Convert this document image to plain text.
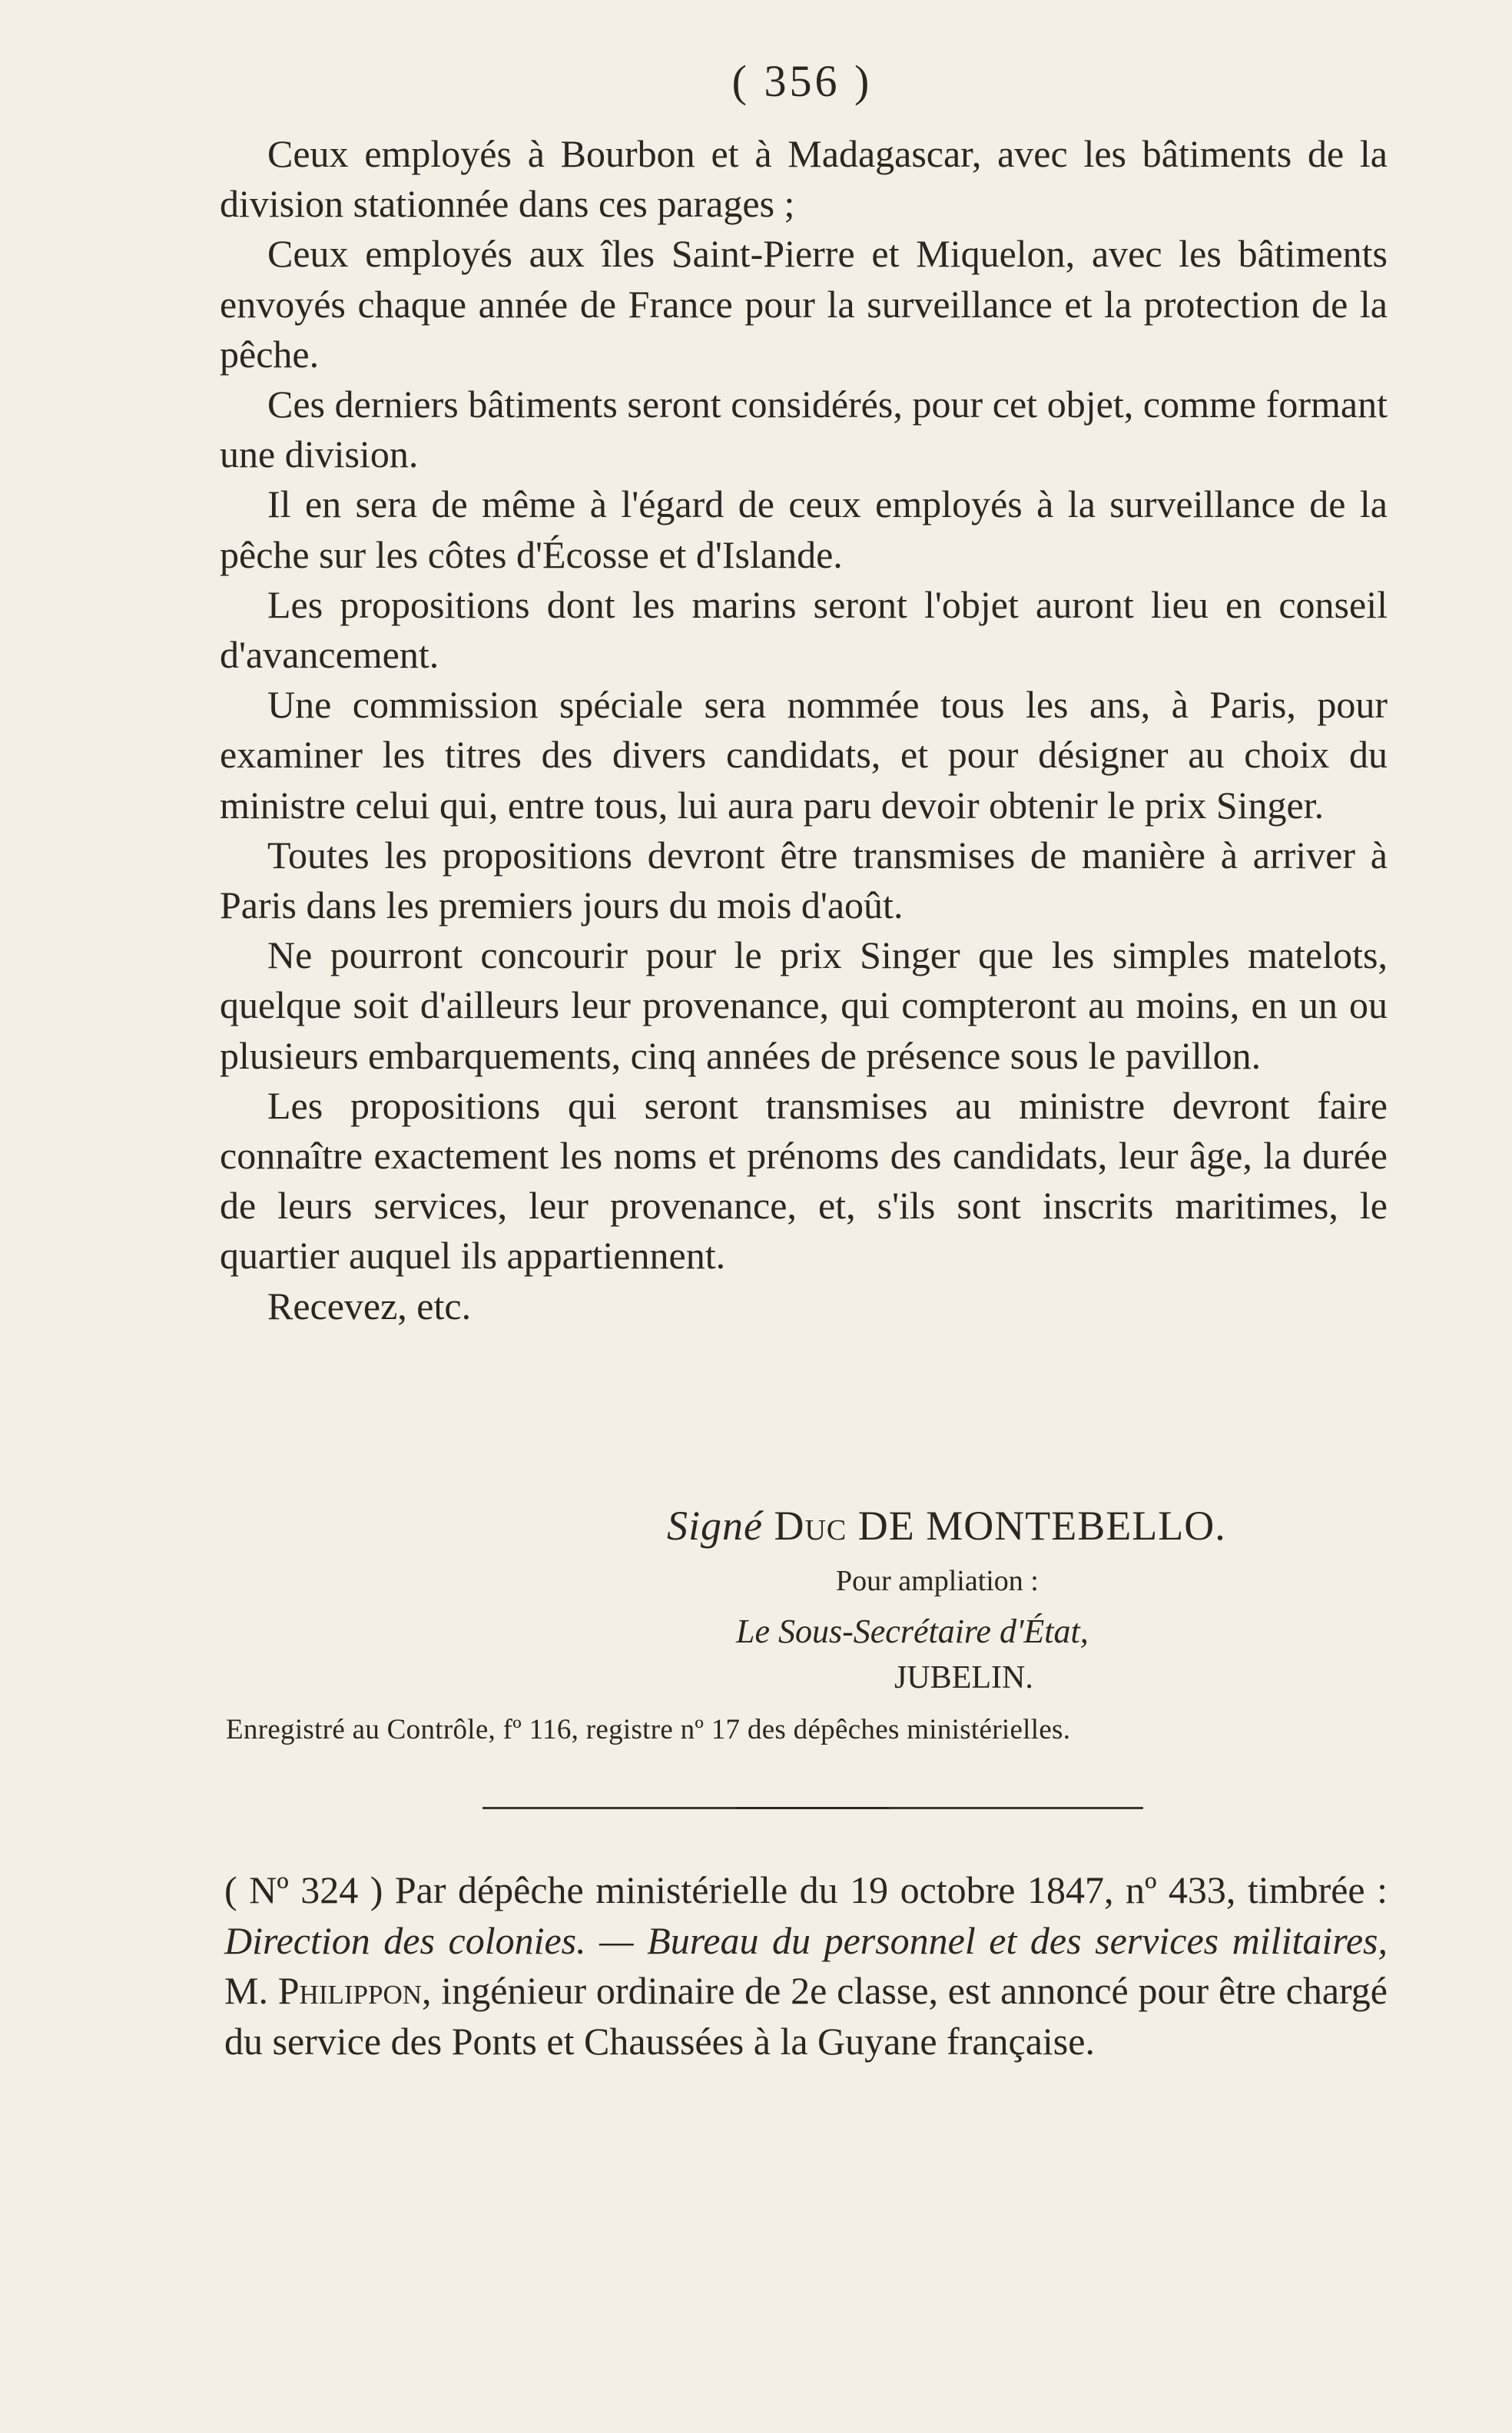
( 356 )

Ceux employés à Bourbon et à Madagascar, avec les bâtiments de la division stationnée dans ces parages ;

Ceux employés aux îles Saint-Pierre et Miquelon, avec les bâtiments envoyés chaque année de France pour la surveillance et la protection de la pêche.

Ces derniers bâtiments seront considérés, pour cet objet, comme formant une division.

Il en sera de même à l'égard de ceux employés à la surveillance de la pêche sur les côtes d'Écosse et d'Islande.

Les propositions dont les marins seront l'objet auront lieu en conseil d'avancement.

Une commission spéciale sera nommée tous les ans, à Paris, pour examiner les titres des divers candidats, et pour désigner au choix du ministre celui qui, entre tous, lui aura paru devoir obtenir le prix Singer.

Toutes les propositions devront être transmises de manière à arriver à Paris dans les premiers jours du mois d'août.

Ne pourront concourir pour le prix Singer que les simples matelots, quelque soit d'ailleurs leur provenance, qui compteront au moins, en un ou plusieurs embarquements, cinq années de présence sous le pavillon.

Les propositions qui seront transmises au ministre devront faire connaître exactement les noms et prénoms des candidats, leur âge, la durée de leurs services, leur provenance, et, s'ils sont inscrits maritimes, le quartier auquel ils appartiennent.

Recevez, etc.

Signé Duc DE MONTEBELLO.
Pour ampliation :
Le Sous-Secrétaire d'État,
JUBELIN.
Enregistré au Contrôle, fº 116, registre nº 17 des dépêches ministérielles.

( Nº 324 ) Par dépêche ministérielle du 19 octobre 1847, nº 433, timbrée : Direction des colonies. — Bureau du personnel et des services militaires, M. Philippon, ingénieur ordinaire de 2e classe, est annoncé pour être chargé du service des Ponts et Chaussées à la Guyane française.
